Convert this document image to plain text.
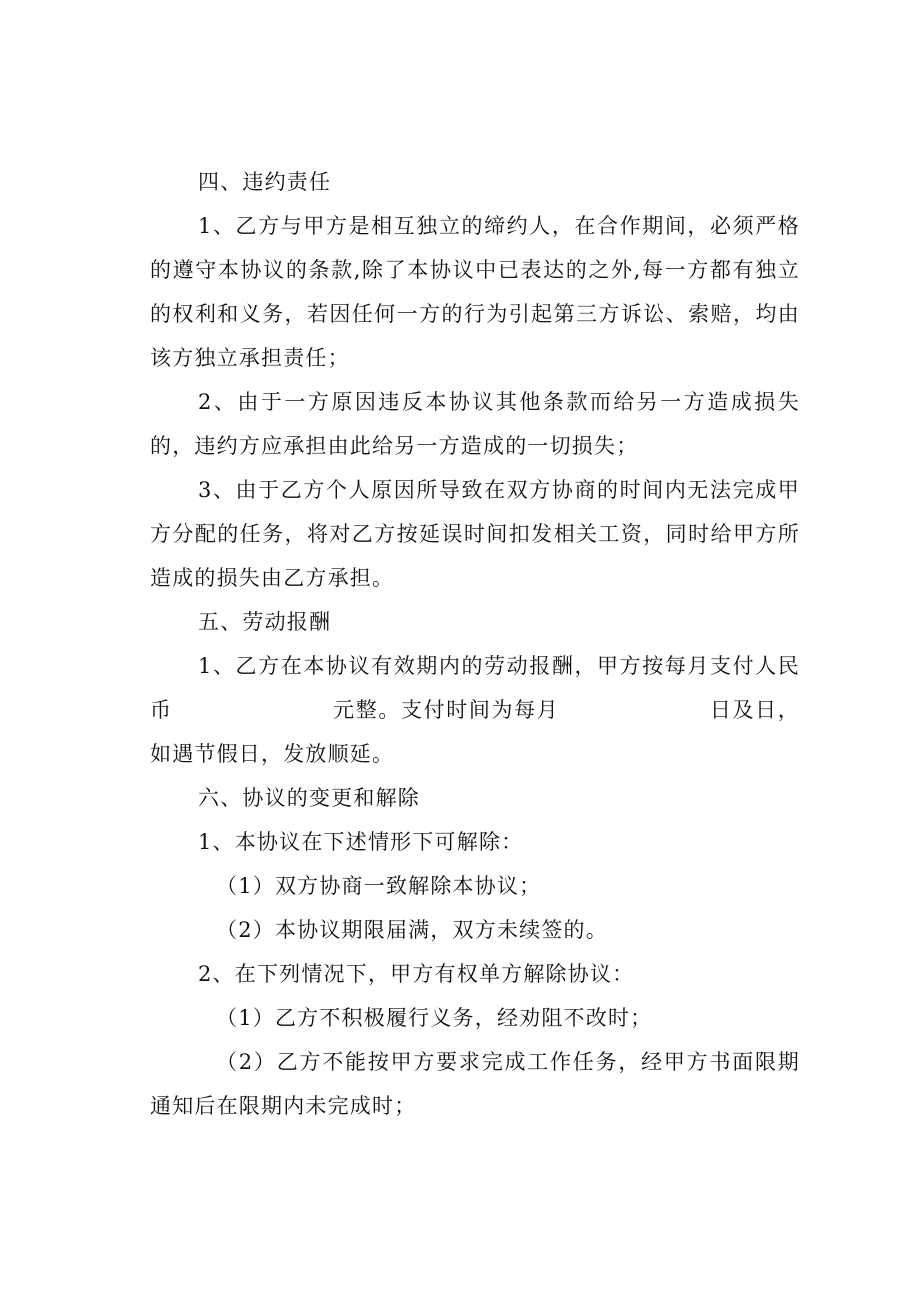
四、违约责任

1、乙方与甲方是相互独立的缔约人，在合作期间，必须严格的遵守本协议的条款,除了本协议中已表达的之外,每一方都有独立的权利和义务，若因任何一方的行为引起第三方诉讼、索赔，均由该方独立承担责任；

2、由于一方原因违反本协议其他条款而给另一方造成损失的，违约方应承担由此给另一方造成的一切损失；

3、由于乙方个人原因所导致在双方协商的时间内无法完成甲方分配的任务，将对乙方按延误时间扣发相关工资，同时给甲方所造成的损失由乙方承担。

五、劳动报酬

1、乙方在本协议有效期内的劳动报酬，甲方按每月支付人民币	元整。支付时间为每月	日及日，如遇节假日，发放顺延。

六、协议的变更和解除

1、本协议在下述情形下可解除：

（1）双方协商一致解除本协议；

（2）本协议期限届满，双方未续签的。

2、在下列情况下，甲方有权单方解除协议：

（1）乙方不积极履行义务，经劝阻不改时；

（2）乙方不能按甲方要求完成工作任务，经甲方书面限期通知后在限期内未完成时；
